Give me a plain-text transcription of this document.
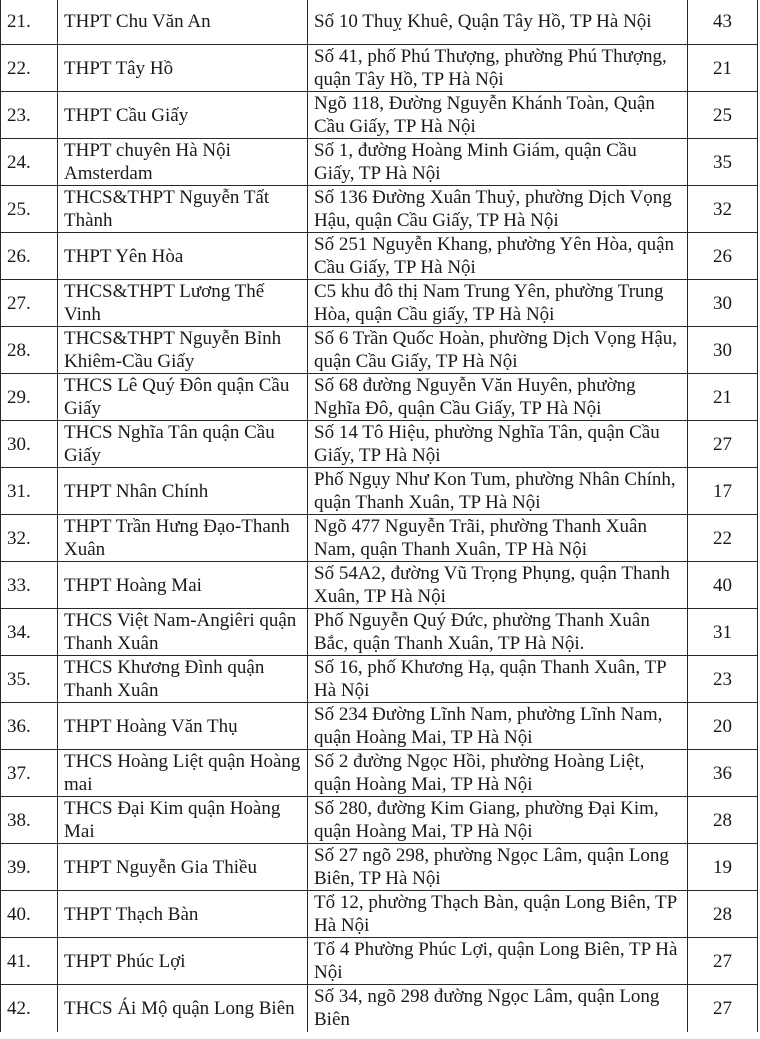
21.	THPT Chu Văn An	Số 10 Thuỵ Khuê, Quận Tây Hồ, TP Hà Nội	43
22.	THPT Tây Hồ	Số 41, phố Phú Thượng, phường Phú Thượng, quận Tây Hồ, TP Hà Nội	21
23.	THPT Cầu Giấy	Ngõ 118, Đường Nguyễn Khánh Toàn, Quận Cầu Giấy, TP Hà Nội	25
24.	THPT chuyên Hà Nội Amsterdam	Số 1, đường Hoàng Minh Giám, quận Cầu Giấy, TP Hà Nội	35
25.	THCS&THPT Nguyễn Tất Thành	Số 136 Đường Xuân Thuỷ, phường Dịch Vọng Hậu, quận Cầu Giấy, TP Hà Nội	32
26.	THPT Yên Hòa	Số 251 Nguyễn Khang, phường Yên Hòa, quận Cầu Giấy, TP Hà Nội	26
27.	THCS&THPT Lương Thế Vinh	C5 khu đô thị Nam Trung Yên, phường Trung Hòa, quận Cầu giấy, TP Hà Nội	30
28.	THCS&THPT Nguyễn Bỉnh Khiêm-Cầu Giấy	Số 6 Trần Quốc Hoàn, phường Dịch Vọng Hậu, quận Cầu Giấy, TP Hà Nội	30
29.	THCS Lê Quý Đôn quận Cầu Giấy	Số 68 đường Nguyễn Văn Huyên, phường Nghĩa Đô, quận Cầu Giấy, TP Hà Nội	21
30.	THCS Nghĩa Tân quận Cầu Giấy	Số 14 Tô Hiệu, phường Nghĩa Tân, quận Cầu Giấy, TP Hà Nội	27
31.	THPT Nhân Chính	Phố Ngụy Như Kon Tum, phường Nhân Chính, quận Thanh Xuân, TP Hà Nội	17
32.	THPT Trần Hưng Đạo-Thanh Xuân	Ngõ 477 Nguyễn Trãi, phường Thanh Xuân Nam, quận Thanh Xuân, TP Hà Nội	22
33.	THPT Hoàng Mai	Số 54A2, đường Vũ Trọng Phụng, quận Thanh Xuân, TP Hà Nội	40
34.	THCS Việt Nam-Angiêri quận Thanh Xuân	Phố Nguyễn Quý Đức, phường Thanh Xuân Bắc, quận Thanh Xuân, TP Hà Nội.	31
35.	THCS Khương Đình quận Thanh Xuân	Số 16, phố Khương Hạ, quận Thanh Xuân, TP Hà Nội	23
36.	THPT Hoàng Văn Thụ	Số 234 Đường Lĩnh Nam, phường Lĩnh Nam, quận Hoàng Mai, TP Hà Nội	20
37.	THCS Hoàng Liệt quận Hoàng mai	Số 2 đường Ngọc Hồi, phường Hoàng Liệt, quận Hoàng Mai, TP Hà Nội	36
38.	THCS Đại Kim quận Hoàng Mai	Số 280, đường Kim Giang, phường Đại Kim, quận Hoàng Mai, TP Hà Nội	28
39.	THPT Nguyễn Gia Thiều	Số 27 ngõ 298, phường Ngọc Lâm, quận Long Biên, TP Hà Nội	19
40.	THPT Thạch Bàn	Tổ 12, phường Thạch Bàn, quận Long Biên, TP Hà Nội	28
41.	THPT Phúc Lợi	Tổ 4 Phường Phúc Lợi, quận Long Biên, TP Hà Nội	27
42.	THCS Ái Mộ quận Long Biên	Số 34, ngõ 298 đường Ngọc Lâm, quận Long Biên	27
